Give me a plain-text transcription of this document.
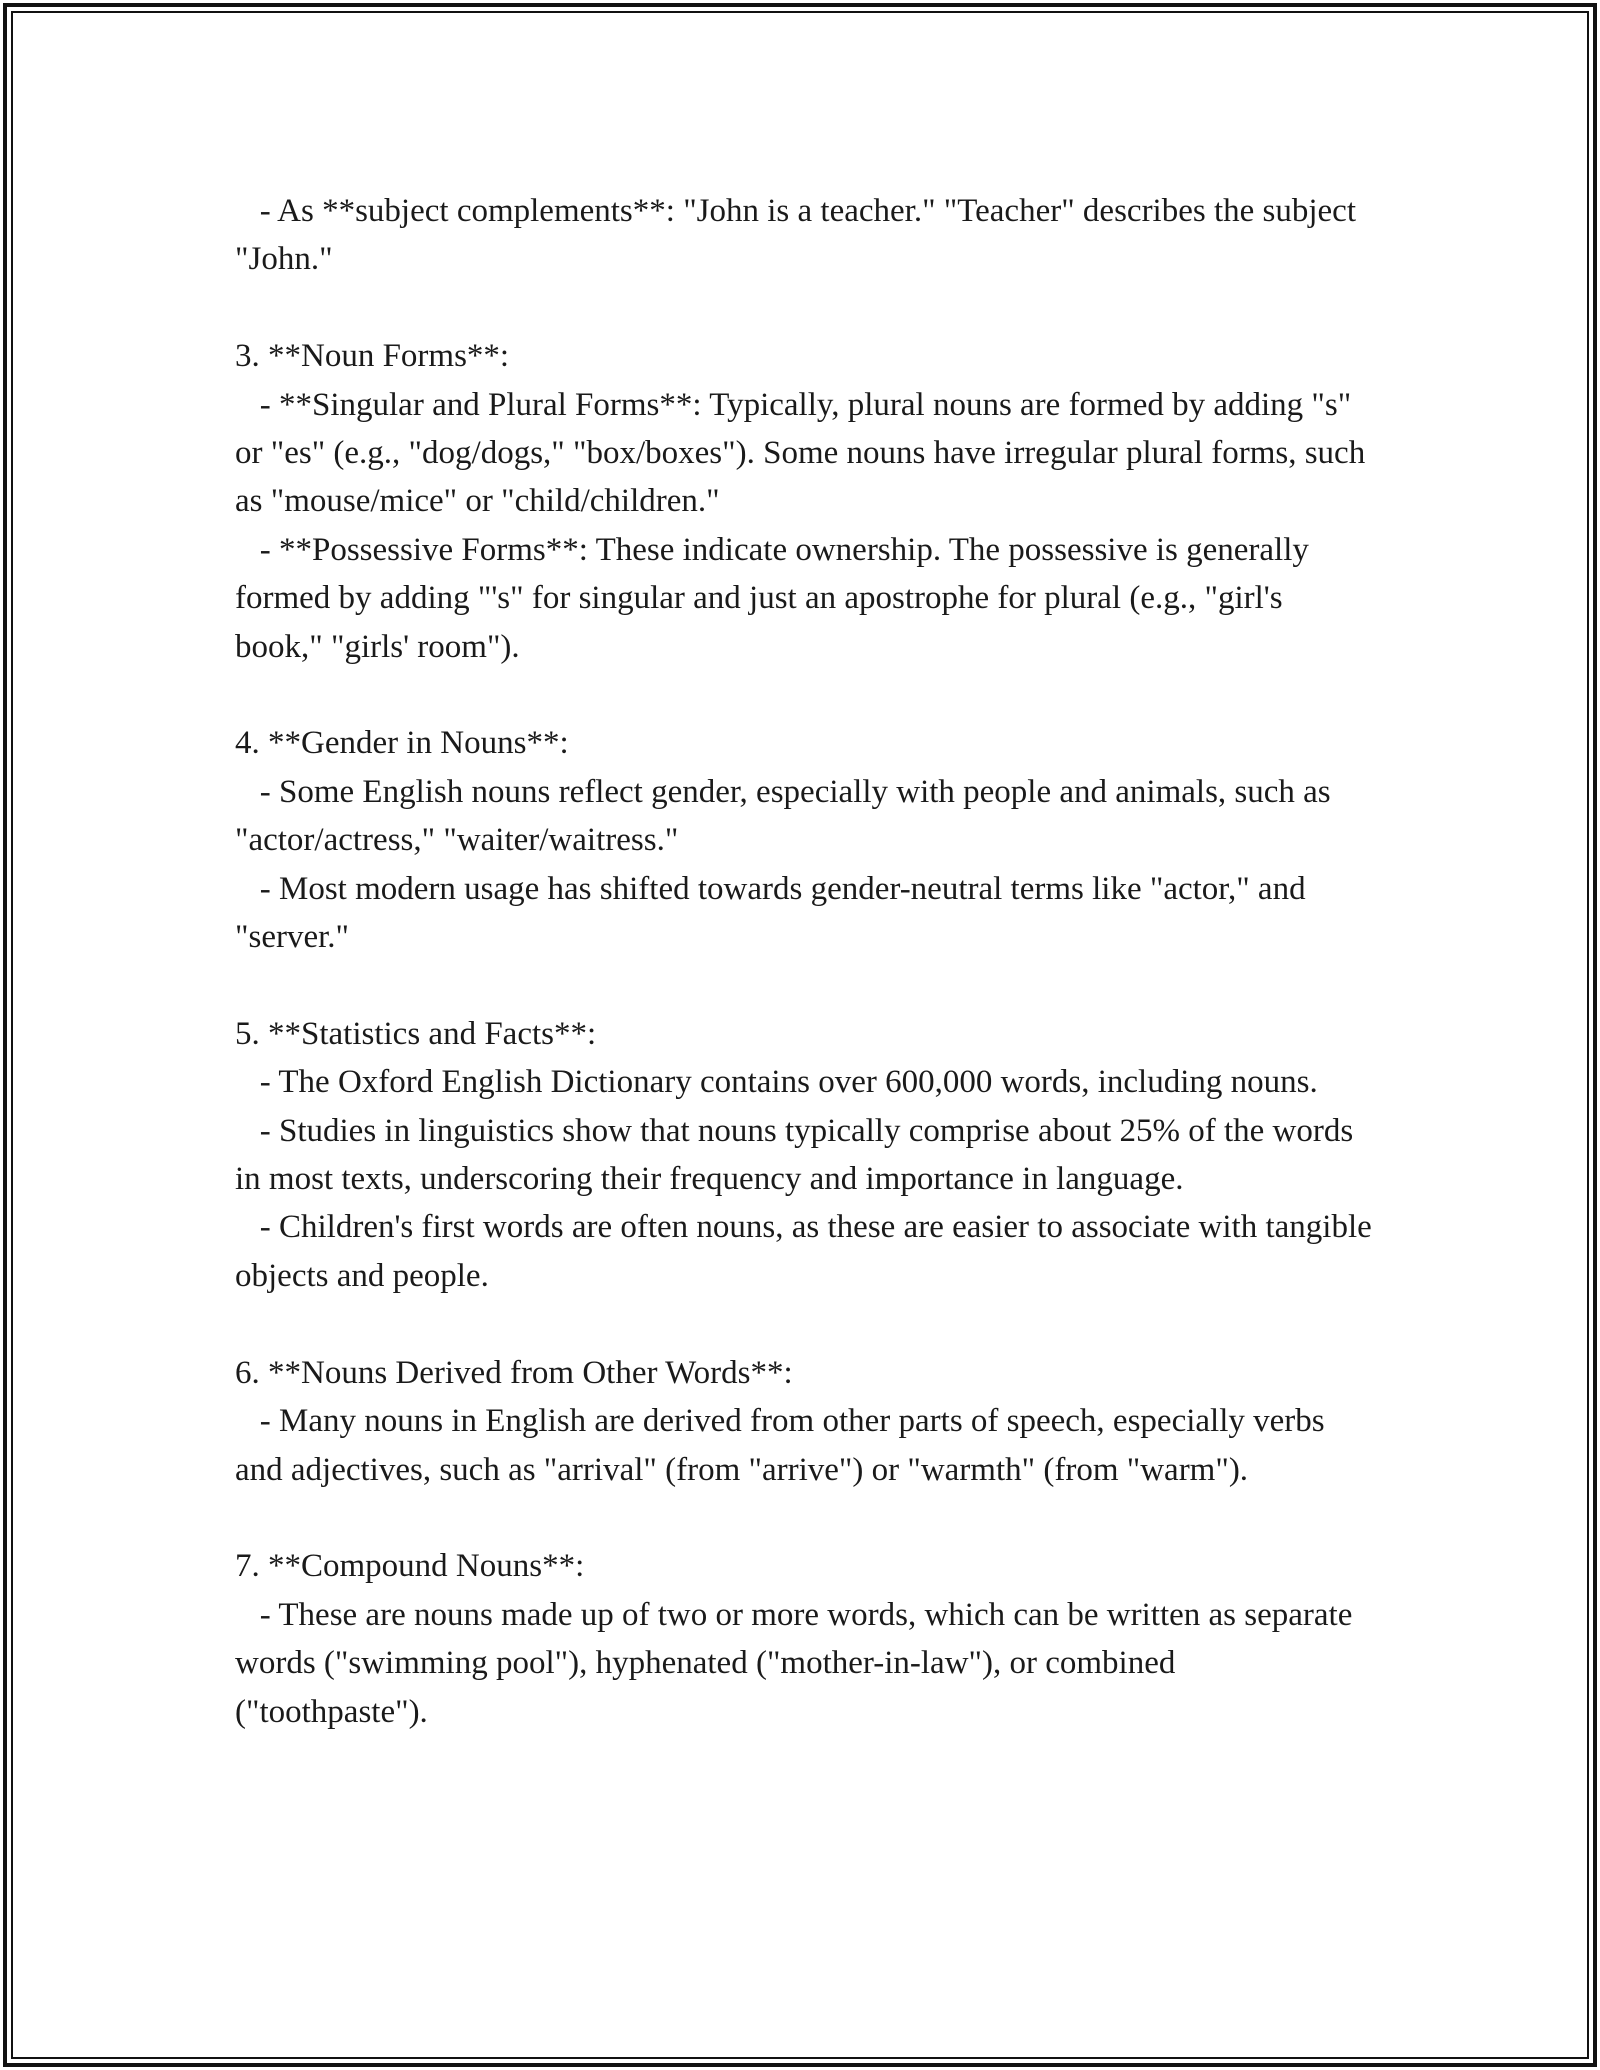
- As **subject complements**: "John is a teacher." "Teacher" describes the subject "John."

3. **Noun Forms**:

- **Singular and Plural Forms**: Typically, plural nouns are formed by adding "s" or "es" (e.g., "dog/dogs," "box/boxes"). Some nouns have irregular plural forms, such as "mouse/mice" or "child/children."

- **Possessive Forms**: These indicate ownership. The possessive is generally formed by adding "'s" for singular and just an apostrophe for plural (e.g., "girl's book," "girls' room").

4. **Gender in Nouns**:

- Some English nouns reflect gender, especially with people and animals, such as "actor/actress," "waiter/waitress."

- Most modern usage has shifted towards gender-neutral terms like "actor," and "server."

5. **Statistics and Facts**:

- The Oxford English Dictionary contains over 600,000 words, including nouns.

- Studies in linguistics show that nouns typically comprise about 25% of the words in most texts, underscoring their frequency and importance in language.

- Children's first words are often nouns, as these are easier to associate with tangible objects and people.

6. **Nouns Derived from Other Words**:

- Many nouns in English are derived from other parts of speech, especially verbs and adjectives, such as "arrival" (from "arrive") or "warmth" (from "warm").

7. **Compound Nouns**:

- These are nouns made up of two or more words, which can be written as separate words ("swimming pool"), hyphenated ("mother-in-law"), or combined ("toothpaste").
